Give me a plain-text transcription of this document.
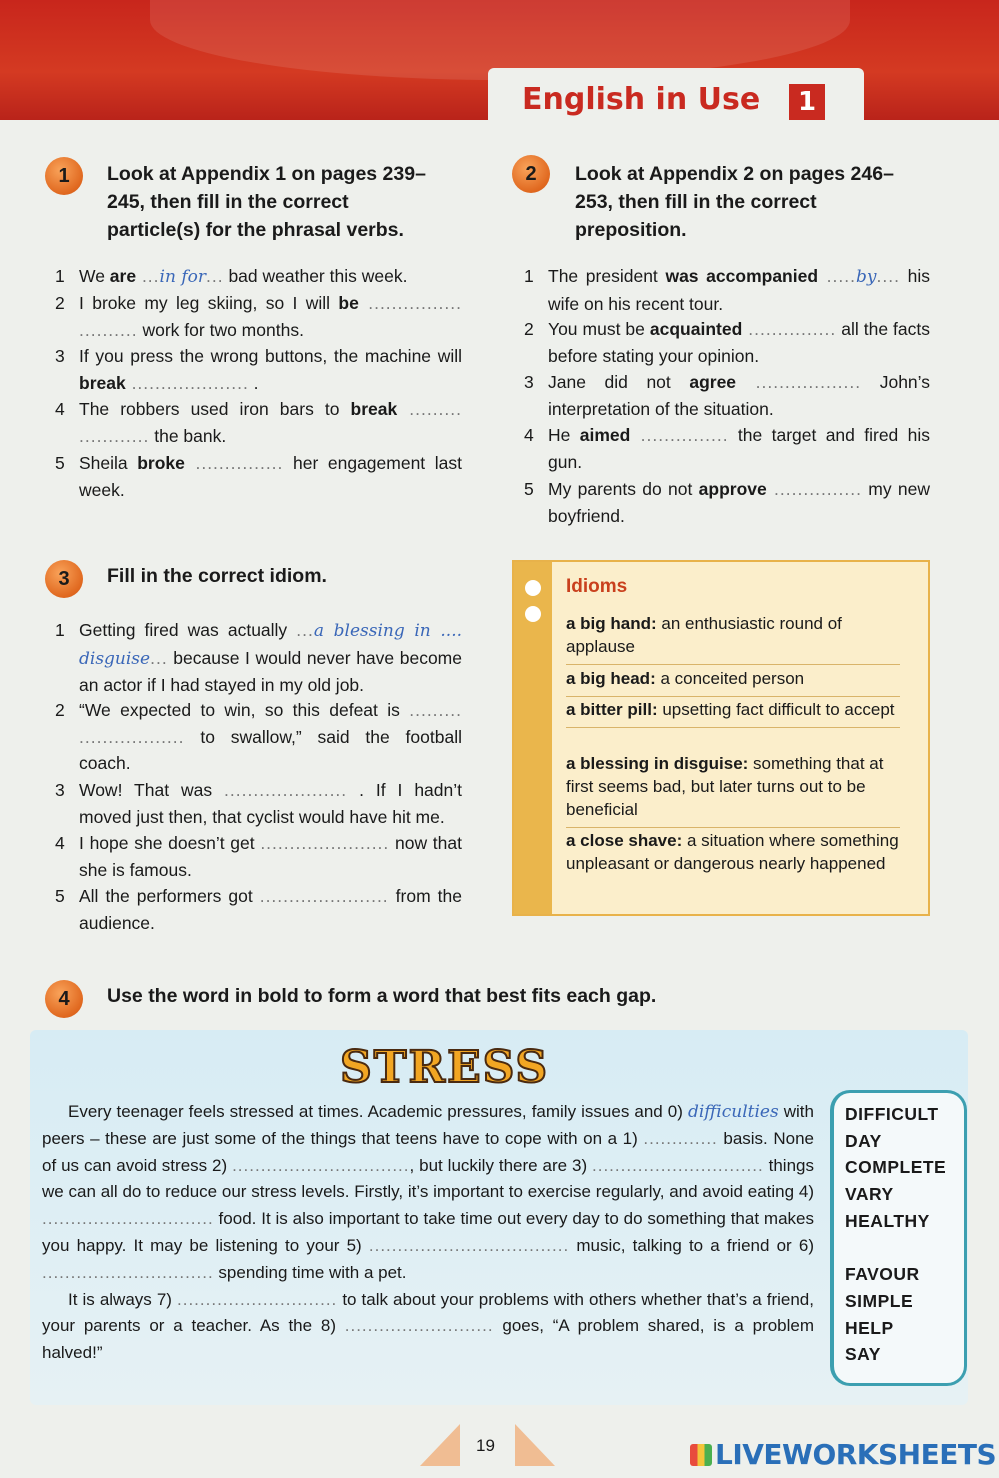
English in Use	1
1	Look at Appendix 1 on pages 239–245, then fill in the correct particle(s) for the phrasal verbs.
1 We are ...in for... bad weather this week.
2 I broke my leg skiing, so I will be ................ .......... work for two months.
3 If you press the wrong buttons, the machine will break .................... .
4 The robbers used iron bars to break ......... ............ the bank.
5 Sheila broke ............... her engagement last week.
2	Look at Appendix 2 on pages 246– 253, then fill in the correct preposition.
1 The president was accompanied .....by.... his wife on his recent tour.
2 You must be acquainted ............... all the facts before stating your opinion.
3 Jane did not agree .................. John’s interpretation of the situation.
4 He aimed ............... the target and fired his gun.
5 My parents do not approve ............... my new boyfriend.
3	Fill in the correct idiom.
1 Getting fired was actually ...a blessing in .... disguise... because I would never have become an actor if I had stayed in my old job.
2 “We expected to win, so this defeat is ......... .................. to swallow,” said the football coach.
3 Wow! That was ..................... . If I hadn’t moved just then, that cyclist would have hit me.
4 I hope she doesn’t get ...................... now that she is famous.
5 All the performers got ...................... from the audience.
Idioms
a big hand: an enthusiastic round of applause
a big head: a conceited person
a bitter pill: upsetting fact difficult to accept
a blessing in disguise: something that at first seems bad, but later turns out to be beneficial
a close shave: a situation where something unpleasant or dangerous nearly happened
4	Use the word in bold to form a word that best fits each gap.
STRESS
Every teenager feels stressed at times. Academic pressures, family issues and 0) difficulties with peers – these are just some of the things that teens have to cope with on a 1) ............. basis. None of us can avoid stress 2) ..............................., but luckily there are 3) .............................. things we can all do to reduce our stress levels. Firstly, it’s important to exercise regularly, and avoid eating 4) .............................. food. It is also important to take time out every day to do something that makes you happy. It may be listening to your 5) ................................... music, talking to a friend or 6) .............................. spending time with a pet.
It is always 7) ............................ to talk about your problems with others whether that’s a friend, your parents or a teacher. As the 8) .......................... goes, “A problem shared, is a problem halved!”
DIFFICULT
DAY
COMPLETE
VARY
HEALTHY
FAVOUR
SIMPLE
HELP
SAY
19	LIVEWORKSHEETS
